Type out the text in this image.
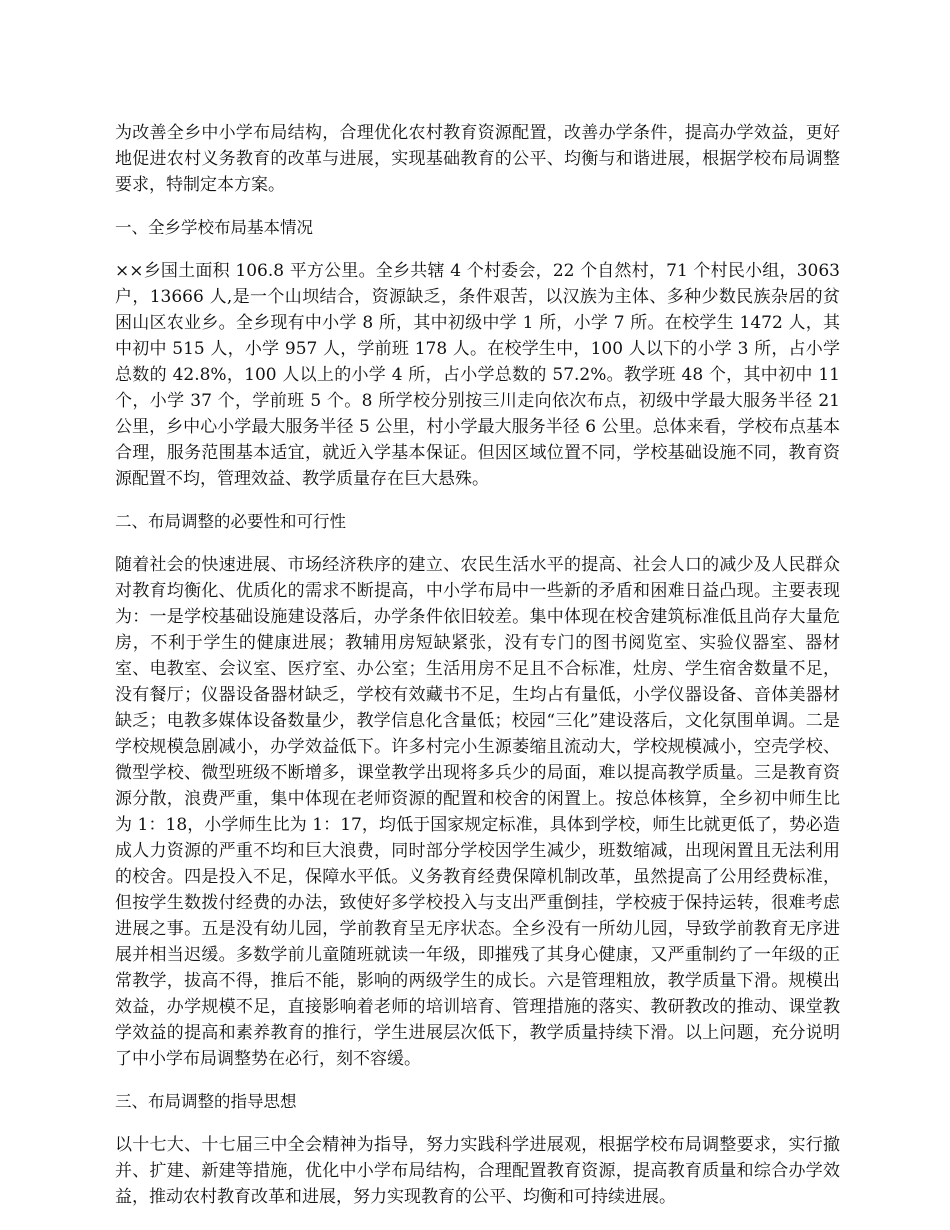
为改善全乡中小学布局结构，合理优化农村教育资源配置，改善办学条件，提高办学效益，更好地促进农村义务教育的改革与进展，实现基础教育的公平、均衡与和谐进展，根据学校布局调整要求，特制定本方案。

一、全乡学校布局基本情况

××乡国土面积 106.8 平方公里。全乡共辖 4 个村委会，22 个自然村，71 个村民小组，3063 户，13666 人,是一个山坝结合，资源缺乏，条件艰苦，以汉族为主体、多种少数民族杂居的贫困山区农业乡。全乡现有中小学 8 所，其中初级中学 1 所，小学 7 所。在校学生 1472 人，其中初中 515 人，小学 957 人，学前班 178 人。在校学生中，100 人以下的小学 3 所，占小学总数的 42.8%，100 人以上的小学 4 所，占小学总数的 57.2%。教学班 48 个，其中初中 11 个，小学 37 个，学前班 5 个。8 所学校分别按三川走向依次布点，初级中学最大服务半径 21 公里，乡中心小学最大服务半径 5 公里，村小学最大服务半径 6 公里。总体来看，学校布点基本合理，服务范围基本适宜，就近入学基本保证。但因区域位置不同，学校基础设施不同，教育资源配置不均，管理效益、教学质量存在巨大悬殊。

二、布局调整的必要性和可行性

随着社会的快速进展、市场经济秩序的建立、农民生活水平的提高、社会人口的减少及人民群众对教育均衡化、优质化的需求不断提高，中小学布局中一些新的矛盾和困难日益凸现。主要表现为：一是学校基础设施建设落后，办学条件依旧较差。集中体现在校舍建筑标准低且尚存大量危房，不利于学生的健康进展；教辅用房短缺紧张，没有专门的图书阅览室、实验仪器室、器材室、电教室、会议室、医疗室、办公室；生活用房不足且不合标准，灶房、学生宿舍数量不足，没有餐厅；仪器设备器材缺乏，学校有效藏书不足，生均占有量低，小学仪器设备、音体美器材缺乏；电教多媒体设备数量少，教学信息化含量低；校园“三化”建设落后，文化氛围单调。二是学校规模急剧减小，办学效益低下。许多村完小生源萎缩且流动大，学校规模减小，空壳学校、微型学校、微型班级不断增多，课堂教学出现将多兵少的局面，难以提高教学质量。三是教育资源分散，浪费严重，集中体现在老师资源的配置和校舍的闲置上。按总体核算，全乡初中师生比为 1：18，小学师生比为 1：17，均低于国家规定标准，具体到学校，师生比就更低了，势必造成人力资源的严重不均和巨大浪费，同时部分学校因学生减少，班数缩减，出现闲置且无法利用的校舍。四是投入不足，保障水平低。义务教育经费保障机制改革，虽然提高了公用经费标准，但按学生数拨付经费的办法，致使好多学校投入与支出严重倒挂，学校疲于保持运转，很难考虑进展之事。五是没有幼儿园，学前教育呈无序状态。全乡没有一所幼儿园，导致学前教育无序进展并相当迟缓。多数学前儿童随班就读一年级，即摧残了其身心健康，又严重制约了一年级的正常教学，拔高不得，推后不能，影响的两级学生的成长。六是管理粗放，教学质量下滑。规模出效益，办学规模不足，直接影响着老师的培训培育、管理措施的落实、教研教改的推动、课堂教学效益的提高和素养教育的推行，学生进展层次低下，教学质量持续下滑。以上问题，充分说明了中小学布局调整势在必行，刻不容缓。

三、布局调整的指导思想

以十七大、十七届三中全会精神为指导，努力实践科学进展观，根据学校布局调整要求，实行撤并、扩建、新建等措施，优化中小学布局结构，合理配置教育资源，提高教育质量和综合办学效益，推动农村教育改革和进展，努力实现教育的公平、均衡和可持续进展。
